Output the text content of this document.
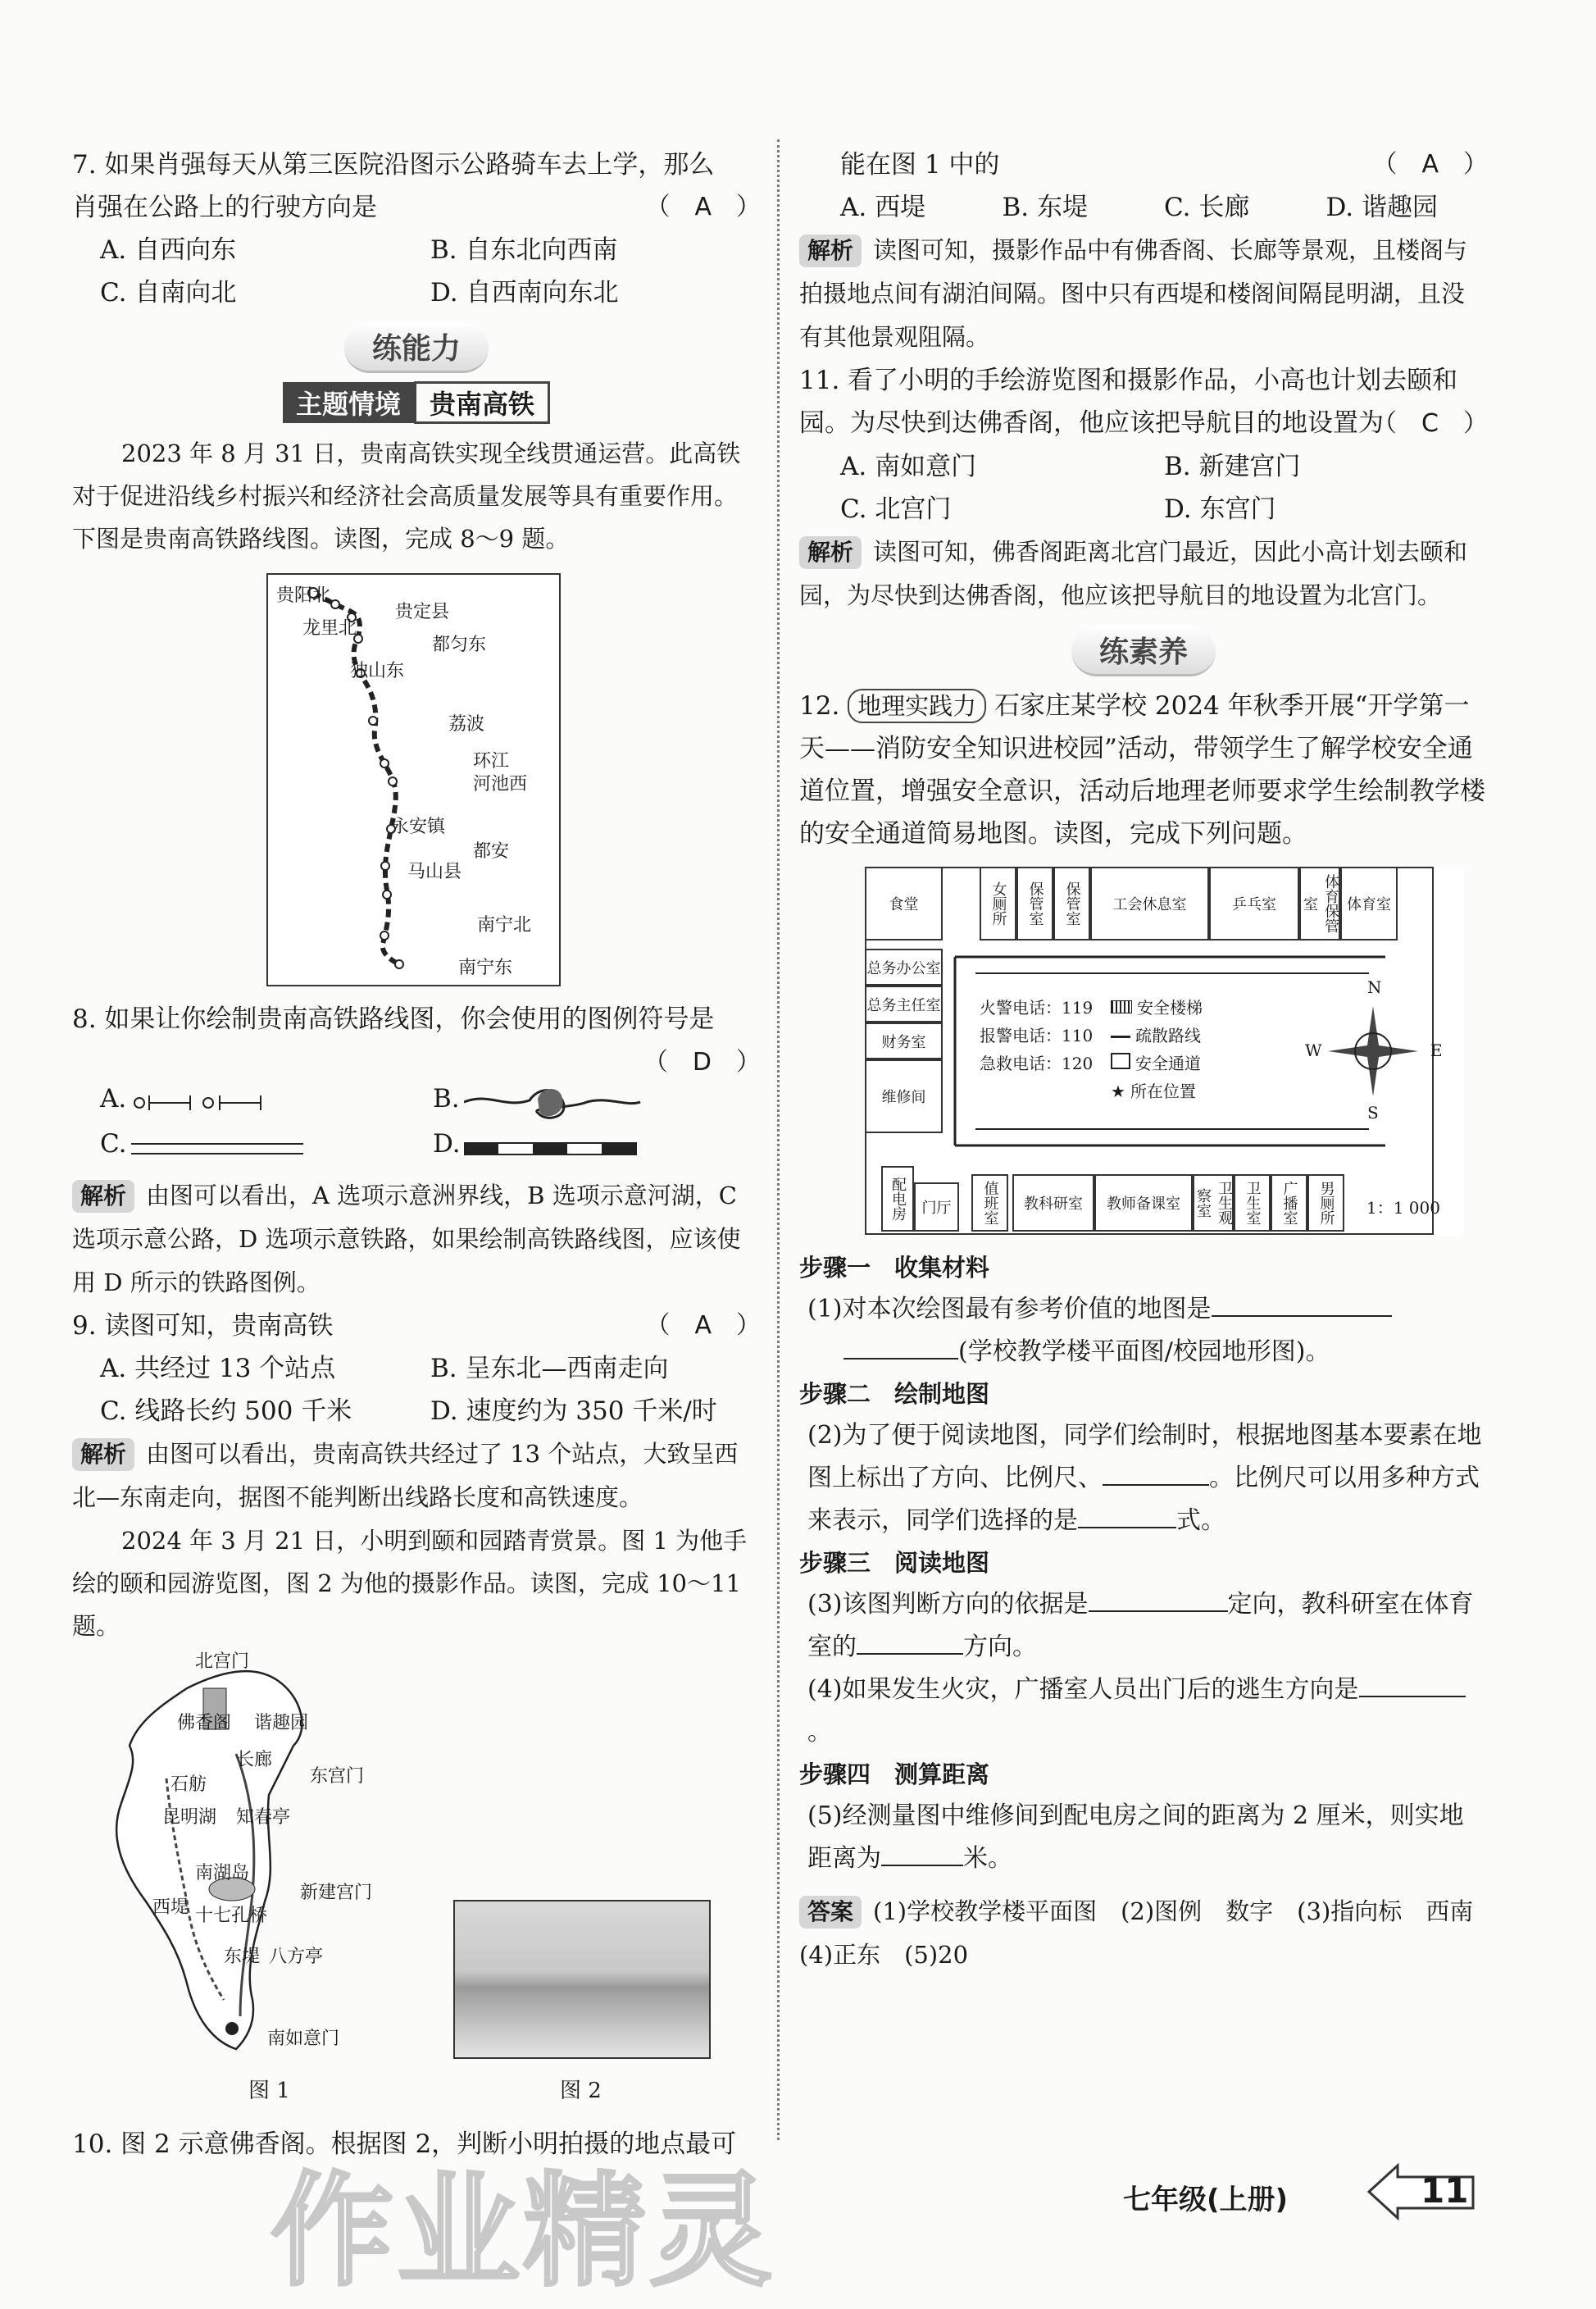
7. 如果肖强每天从第三医院沿图示公路骑车去上学，那么
肖强在公路上的行驶方向是	（　A　）
A. 自西向东	B. 自东北向西南
C. 自南向北	D. 自西南向东北
练能力
主题情境 贵南高铁
2023 年 8 月 31 日，贵南高铁实现全线贯通运营。此高铁对于促进沿线乡村振兴和经济社会高质量发展等具有重要作用。下图是贵南高铁路线图。读图，完成 8～9 题。
贵阳北
龙里北
贵定县
都匀东
独山东
荔波
环江
河池西
永安镇
都安
马山县
南宁北
南宁东
8. 如果让你绘制贵南高铁路线图，你会使用的图例符号是
（　D　）
A.	B.
C.	D.
解析 由图可以看出，A 选项示意洲界线，B 选项示意河湖，C 选项示意公路，D 选项示意铁路，如果绘制高铁路线图，应该使用 D 所示的铁路图例。
9. 读图可知，贵南高铁	（　A　）
A. 共经过 13 个站点	B. 呈东北—西南走向
C. 线路长约 500 千米	D. 速度约为 350 千米/时
解析 由图可以看出，贵南高铁共经过了 13 个站点，大致呈西北—东南走向，据图不能判断出线路长度和高铁速度。
2024 年 3 月 21 日，小明到颐和园踏青赏景。图 1 为他手绘的颐和园游览图，图 2 为他的摄影作品。读图，完成 10～11 题。
北宫门
佛香阁 谐趣园
长廊
东宫门
石舫
昆明湖 知春亭
南湖岛
新建宫门
西堤 十七孔桥
八方亭
东堤
南如意门
图 1	图 2
10. 图 2 示意佛香阁。根据图 2，判断小明拍摄的地点最可
能在图 1 中的	（　A　）
A. 西堤	B. 东堤	C. 长廊	D. 谐趣园
解析 读图可知，摄影作品中有佛香阁、长廊等景观，且楼阁与拍摄地点间有湖泊间隔。图中只有西堤和楼阁间隔昆明湖，且没有其他景观阻隔。
11. 看了小明的手绘游览图和摄影作品，小高也计划去颐和园。为尽快到达佛香阁，他应该把导航目的地设置为
（　C　）
A. 南如意门	B. 新建宫门
C. 北宫门	D. 东宫门
解析 读图可知，佛香阁距离北宫门最近，因此小高计划去颐和园，为尽快到达佛香阁，他应该把导航目的地设置为北宫门。
练素养
12. 地理实践力 石家庄某学校 2024 年秋季开展“开学第一天——消防安全知识进校园”活动，带领学生了解学校安全通道位置，增强安全意识，活动后地理老师要求学生绘制教学楼的安全通道简易地图。读图，完成下列问题。
食堂	女厕所	保管室	保管室	工会休息室	乒乓室	体育保管室	体育室
总务办公室
总务主任室
财务室
维修间
配电房	门厅	值班室	教科研室	教师备课室	卫生观察室	卫生室	广播室	男厕所
火警电话：119
报警电话：110
急救电话：120
安全楼梯
疏散路线
安全通道
★ 所在位置
N
S
W	E
1：1 000
步骤一　收集材料
(1)对本次绘图最有参考价值的地图是
(学校教学楼平面图/校园地形图)。
步骤二　绘制地图
(2)为了便于阅读地图，同学们绘制时，根据地图基本要素在地图上标出了方向、比例尺、	。比例尺可以用多种方式来表示，同学们选择的是	式。
步骤三　阅读地图
(3)该图判断方向的依据是	定向，教科研室在体育室的	方向。
(4)如果发生火灾，广播室人员出门后的逃生方向是。
步骤四　测算距离
(5)经测量图中维修间到配电房之间的距离为 2 厘米，则实地距离为	米。
答案 (1)学校教学楼平面图　(2)图例　数字　(3)指向标　西南　(4)正东　(5)20
作业精灵	七年级(上册)	11
